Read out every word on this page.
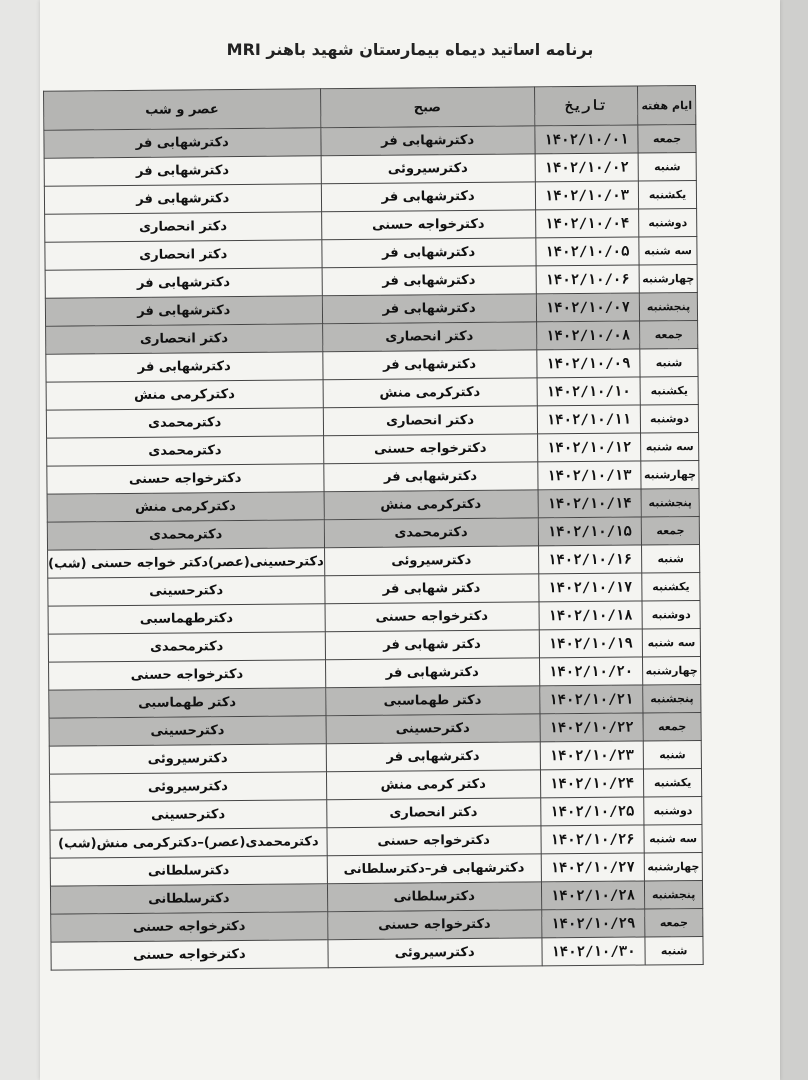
برنامه اساتید دیماه بیمارستان شهید باهنر MRI
ایام هفته	تاریخ	صبح	عصر و شب
جمعه	۱۴۰۲/۱۰/۰۱	دکترشهابی فر	دکترشهابی فر
شنبه	۱۴۰۲/۱۰/۰۲	دکترسیروئی	دکترشهابی فر
یکشنبه	۱۴۰۲/۱۰/۰۳	دکترشهابی فر	دکترشهابی فر
دوشنبه	۱۴۰۲/۱۰/۰۴	دکترخواجه حسنی	دکتر انحصاری
سه شنبه	۱۴۰۲/۱۰/۰۵	دکترشهابی فر	دکتر انحصاری
چهارشنبه	۱۴۰۲/۱۰/۰۶	دکترشهابی فر	دکترشهابی فر
پنجشنبه	۱۴۰۲/۱۰/۰۷	دکترشهابی فر	دکترشهابی فر
جمعه	۱۴۰۲/۱۰/۰۸	دکتر انحصاری	دکتر انحصاری
شنبه	۱۴۰۲/۱۰/۰۹	دکترشهابی فر	دکترشهابی فر
یکشنبه	۱۴۰۲/۱۰/۱۰	دکترکرمی منش	دکترکرمی منش
دوشنبه	۱۴۰۲/۱۰/۱۱	دکتر انحصاری	دکترمحمدی
سه شنبه	۱۴۰۲/۱۰/۱۲	دکترخواجه حسنی	دکترمحمدی
چهارشنبه	۱۴۰۲/۱۰/۱۳	دکترشهابی فر	دکترخواجه حسنی
پنجشنبه	۱۴۰۲/۱۰/۱۴	دکترکرمی منش	دکترکرمی منش
جمعه	۱۴۰۲/۱۰/۱۵	دکترمحمدی	دکترمحمدی
شنبه	۱۴۰۲/۱۰/۱۶	دکترسیروئی	دکترحسینی(عصر)دکتر خواجه حسنی (شب)
یکشنبه	۱۴۰۲/۱۰/۱۷	دکتر شهابی فر	دکترحسینی
دوشنبه	۱۴۰۲/۱۰/۱۸	دکترخواجه حسنی	دکترطهماسبی
سه شنبه	۱۴۰۲/۱۰/۱۹	دکتر شهابی فر	دکترمحمدی
چهارشنبه	۱۴۰۲/۱۰/۲۰	دکترشهابی فر	دکترخواجه حسنی
پنجشنبه	۱۴۰۲/۱۰/۲۱	دکتر طهماسبی	دکتر طهماسبی
جمعه	۱۴۰۲/۱۰/۲۲	دکترحسینی	دکترحسینی
شنبه	۱۴۰۲/۱۰/۲۳	دکترشهابی فر	دکترسیروئی
یکشنبه	۱۴۰۲/۱۰/۲۴	دکتر کرمی منش	دکترسیروئی
دوشنبه	۱۴۰۲/۱۰/۲۵	دکتر انحصاری	دکترحسینی
سه شنبه	۱۴۰۲/۱۰/۲۶	دکترخواجه حسنی	دکترمحمدی(عصر)–دکترکرمی منش(شب)
چهارشنبه	۱۴۰۲/۱۰/۲۷	دکترشهابی فر–دکترسلطانی	دکترسلطانی
پنجشنبه	۱۴۰۲/۱۰/۲۸	دکترسلطانی	دکترسلطانی
جمعه	۱۴۰۲/۱۰/۲۹	دکترخواجه حسنی	دکترخواجه حسنی
شنبه	۱۴۰۲/۱۰/۳۰	دکترسیروئی	دکترخواجه حسنی
